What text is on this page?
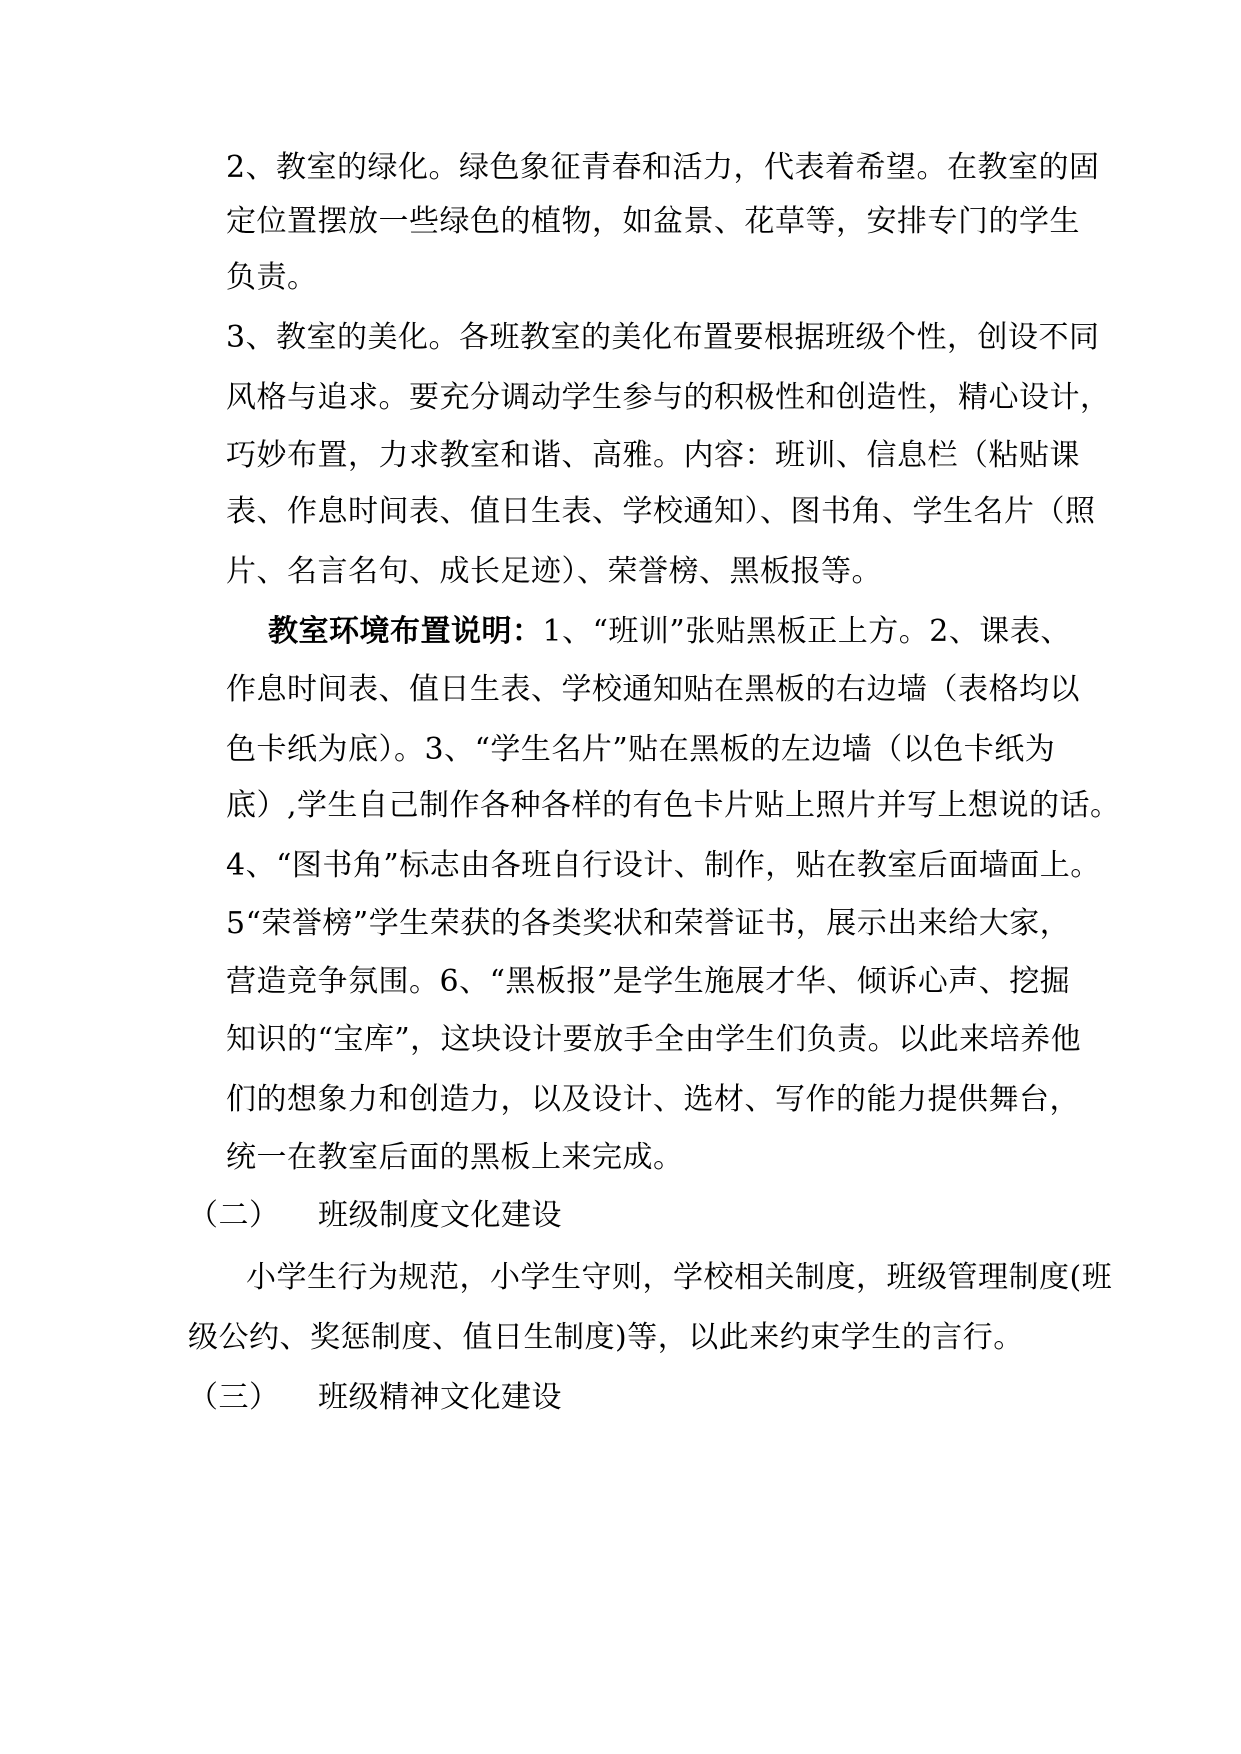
2、教室的绿化。绿色象征青春和活力，代表着希望。在教室的固
定位置摆放一些绿色的植物，如盆景、花草等，安排专门的学生
负责。
3、教室的美化。各班教室的美化布置要根据班级个性，创设不同
风格与追求。要充分调动学生参与的积极性和创造性，精心设计，
巧妙布置，力求教室和谐、高雅。内容：班训、信息栏（粘贴课
表、作息时间表、值日生表、学校通知）、图书角、学生名片（照
片、名言名句、成长足迹）、荣誉榜、黑板报等。
教室环境布置说明：1、“班训”张贴黑板正上方。2、课表、
作息时间表、值日生表、学校通知贴在黑板的右边墙（表格均以
色卡纸为底）。3、“学生名片”贴在黑板的左边墙（以色卡纸为
底）,学生自己制作各种各样的有色卡片贴上照片并写上想说的话。
4、“图书角”标志由各班自行设计、制作，贴在教室后面墙面上。
5“荣誉榜”学生荣获的各类奖状和荣誉证书，展示出来给大家，
营造竞争氛围。6、“黑板报”是学生施展才华、倾诉心声、挖掘
知识的“宝库”，这块设计要放手全由学生们负责。以此来培养他
们的想象力和创造力，以及设计、选材、写作的能力提供舞台，
统一在教室后面的黑板上来完成。
（二） 班级制度文化建设
小学生行为规范，小学生守则，学校相关制度，班级管理制度(班
级公约、奖惩制度、值日生制度)等，以此来约束学生的言行。
（三） 班级精神文化建设
